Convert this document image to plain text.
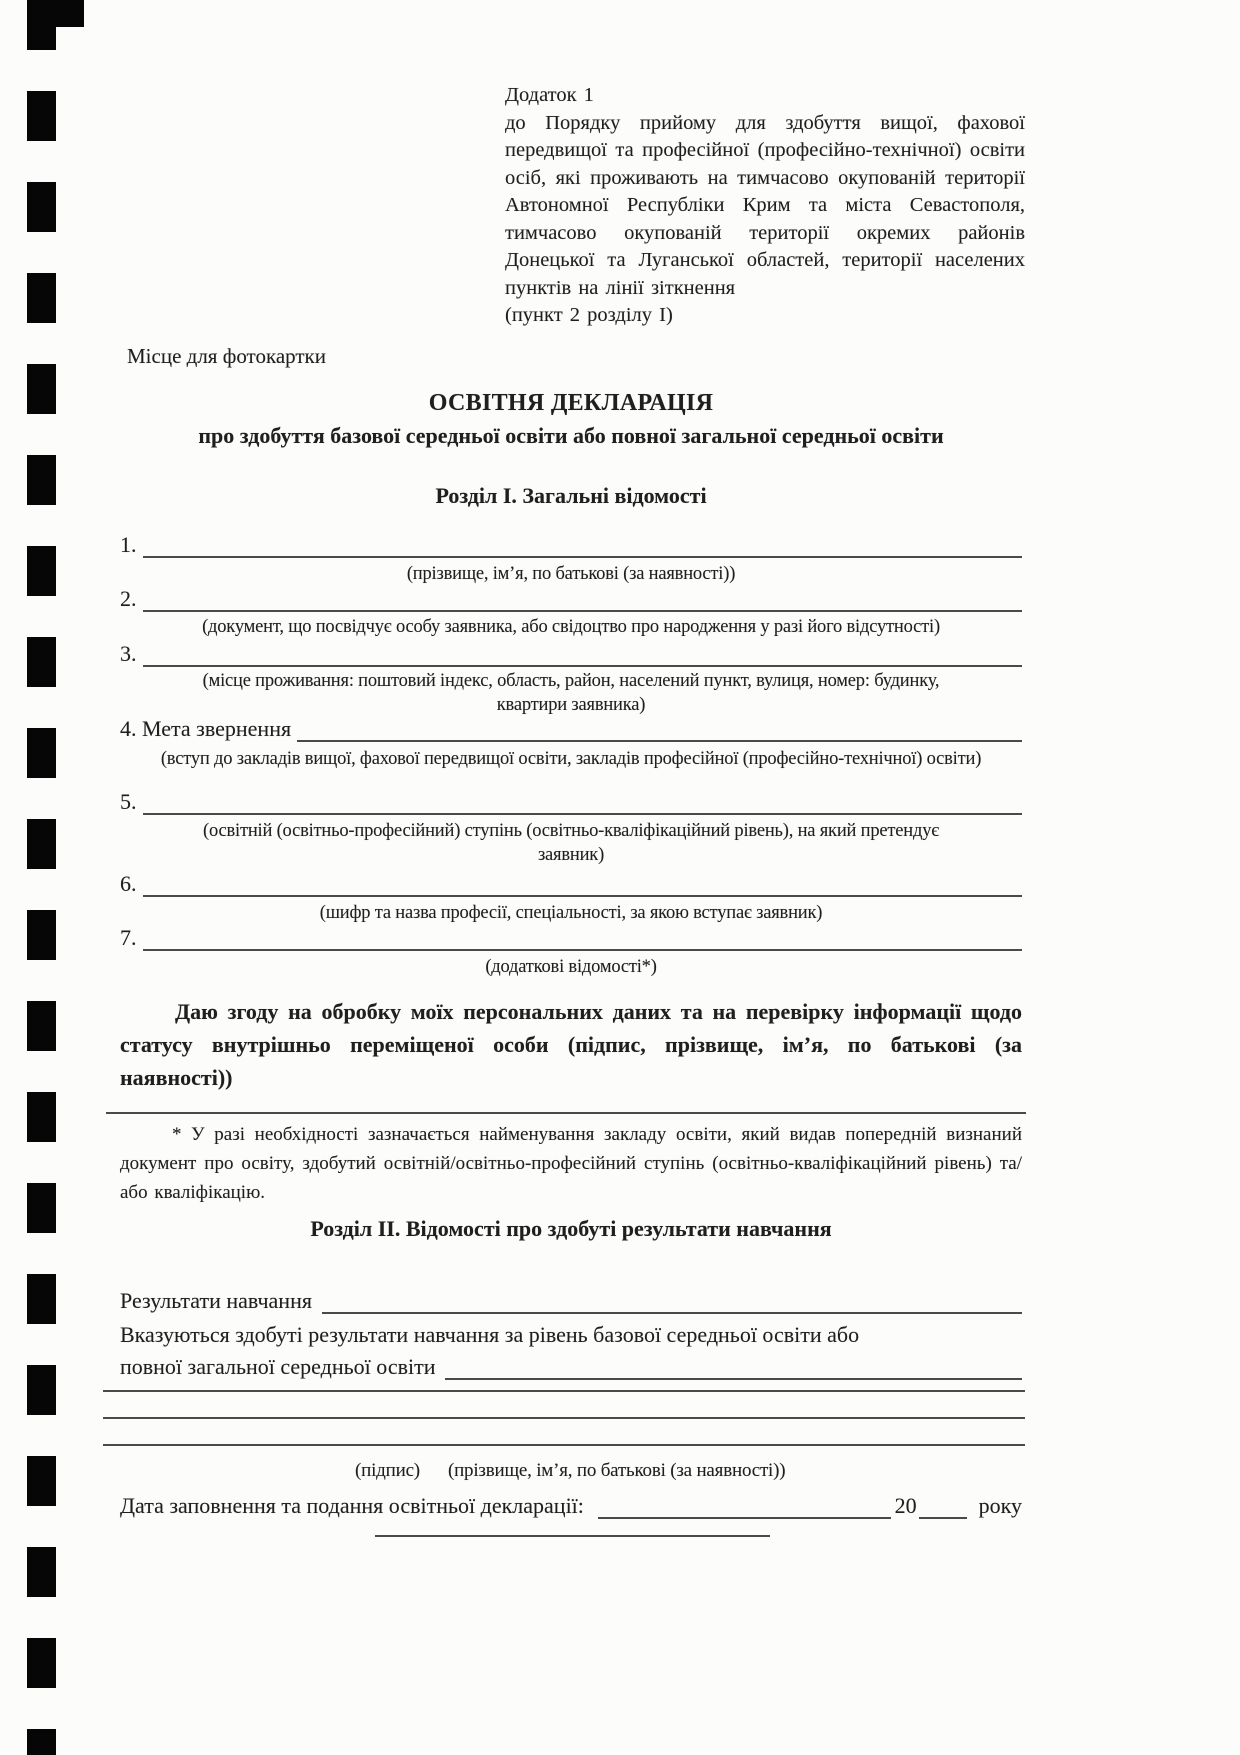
Додаток 1
до Порядку прийому для здобуття вищої, фахової передвищої та професійної (професійно-технічної) освіти осіб, які проживають на тимчасово окупованій території Автономної Республіки Крим та міста Севастополя, тимчасово окупованій території окремих районів Донецької та Луганської областей, території населених пунктів на лінії зіткнення
(пункт 2 розділу І)
Місце для фотокартки
ОСВІТНЯ ДЕКЛАРАЦІЯ
про здобуття базової середньої освіти або повної загальної середньої освіти
Розділ І. Загальні відомості
1.
(прізвище, ім’я, по батькові (за наявності))
2.
(документ, що посвідчує особу заявника, або свідоцтво про народження у разі його відсутності)
3.
(місце проживання: поштовий індекс, область, район, населений пункт, вулиця, номер: будинку,
квартири заявника)
4. Мета звернення
(вступ до закладів вищої, фахової передвищої освіти, закладів професійної (професійно-технічної) освіти)
5.
(освітній (освітньо-професійний) ступінь (освітньо-кваліфікаційний рівень), на який претендує
заявник)
6.
(шифр та назва професії, спеціальності, за якою вступає заявник)
7.
(додаткові відомості*)
Даю згоду на обробку моїх персональних даних та на перевірку інформації щодо статусу внутрішньо переміщеної особи (підпис, прізвище, ім’я, по батькові (за наявності))
* У разі необхідності зазначається найменування закладу освіти, який видав попередній визнаний документ про освіту, здобутий освітній/освітньо-професійний ступінь (освітньо-кваліфікаційний рівень) та/або кваліфікацію.
Розділ ІІ. Відомості про здобуті результати навчання
Результати навчання
Вказуються здобуті результати навчання за рівень базової середньої освіти або
повної загальної середньої освіти
(підпис) (прізвище, ім’я, по батькові (за наявності))
Дата заповнення та подання освітньої декларації:	20	року
